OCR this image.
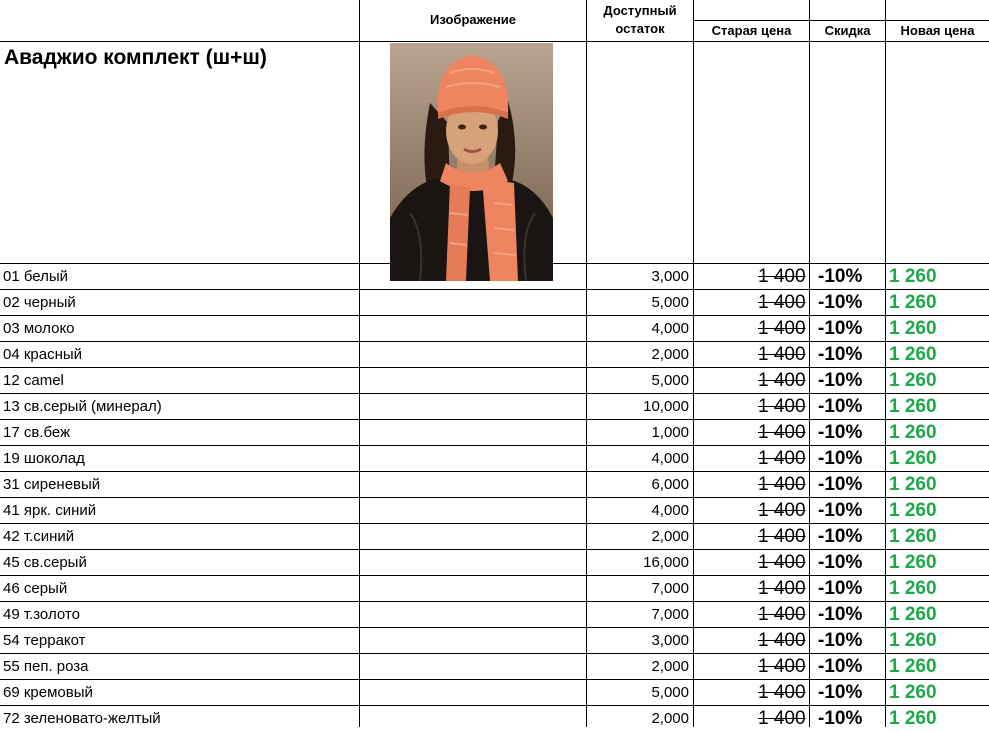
Изображение
Доступный
остаток	Старая цена	Скидка	Новая цена
Аваджио комплект (ш+ш)
01 белый	3,000	1 400 -10% 1 260
02 черный	5,000	1 400 -10% 1 260
03 молоко	4,000	1 400 -10% 1 260
04 красный	2,000	1 400 -10% 1 260
12 camel	5,000	1 400 -10% 1 260
13 св.серый (минерал)	10,000	1 400 -10% 1 260
17 св.беж	1,000	1 400 -10% 1 260
19 шоколад	4,000	1 400 -10% 1 260
31 сиреневый	6,000	1 400 -10% 1 260
41 ярк. синий	4,000	1 400 -10% 1 260
42 т.синий	2,000	1 400 -10% 1 260
45 св.серый	16,000	1 400 -10% 1 260
46 серый	7,000	1 400 -10% 1 260
49 т.золото	7,000	1 400 -10% 1 260
54 терракот	3,000	1 400 -10% 1 260
55 пеп. роза	2,000	1 400 -10% 1 260
69 кремовый	5,000	1 400 -10% 1 260
72 зеленовато-желтый	2,000	1 400 -10% 1 260
